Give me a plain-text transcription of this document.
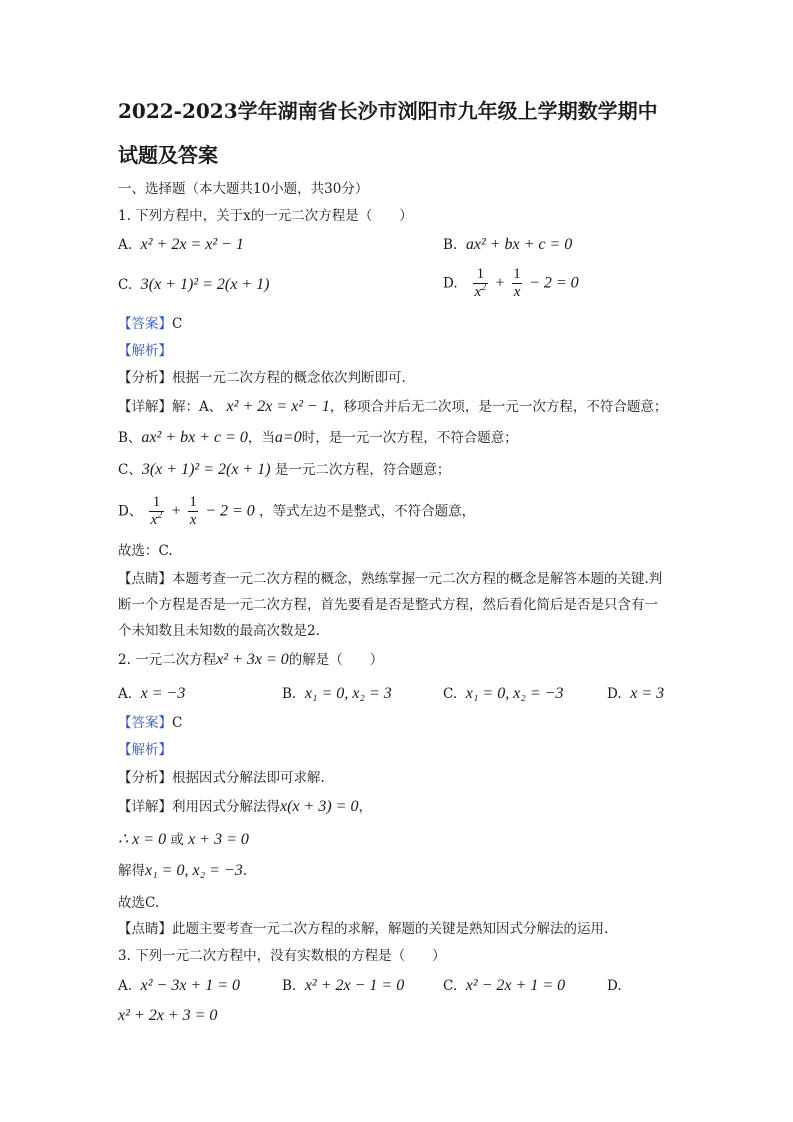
2022-2023学年湖南省长沙市浏阳市九年级上学期数学期中
试题及答案
一、选择题（本大题共10小题，共30分）
1. 下列方程中，关于x的一元二次方程是（　　）
A. x² + 2x = x² − 1	B. ax² + bx + c = 0
C. 3(x + 1)² = 2(x + 1)	D. $\frac{1}{x^2} + \frac{1}{x} - 2 = 0$
【答案】C
【解析】
【分析】根据一元二次方程的概念依次判断即可.
【详解】解：A、 x² + 2x = x² − 1，移项合并后无二次项，是一元一次方程，不符合题意；
B、ax² + bx + c = 0，当a=0时，是一元一次方程，不符合题意；
C、3(x + 1)² = 2(x + 1) 是一元二次方程，符合题意；
D、 $\frac{1}{x^2} + \frac{1}{x} - 2 = 0$ ，等式左边不是整式，不符合题意，
故选：C.
【点睛】本题考查一元二次方程的概念，熟练掌握一元二次方程的概念是解答本题的关键.判
断一个方程是否是一元二次方程，首先要看是否是整式方程，然后看化简后是否是只含有一
个未知数且未知数的最高次数是2.
2. 一元二次方程x² + 3x = 0的解是（　　）
A. x = −3	B. x₁ = 0, x₂ = 3	C. x₁ = 0, x₂ = −3	D. x = 3
【答案】C
【解析】
【分析】根据因式分解法即可求解.
【详解】利用因式分解法得x(x + 3) = 0，
∴ x = 0 或 x + 3 = 0
解得x₁ = 0, x₂ = −3.
故选C.
【点睛】此题主要考查一元二次方程的求解，解题的关键是熟知因式分解法的运用.
3. 下列一元二次方程中，没有实数根的方程是（　　）
A. x² − 3x + 1 = 0	B. x² + 2x − 1 = 0	C. x² − 2x + 1 = 0	D.
x² + 2x + 3 = 0
